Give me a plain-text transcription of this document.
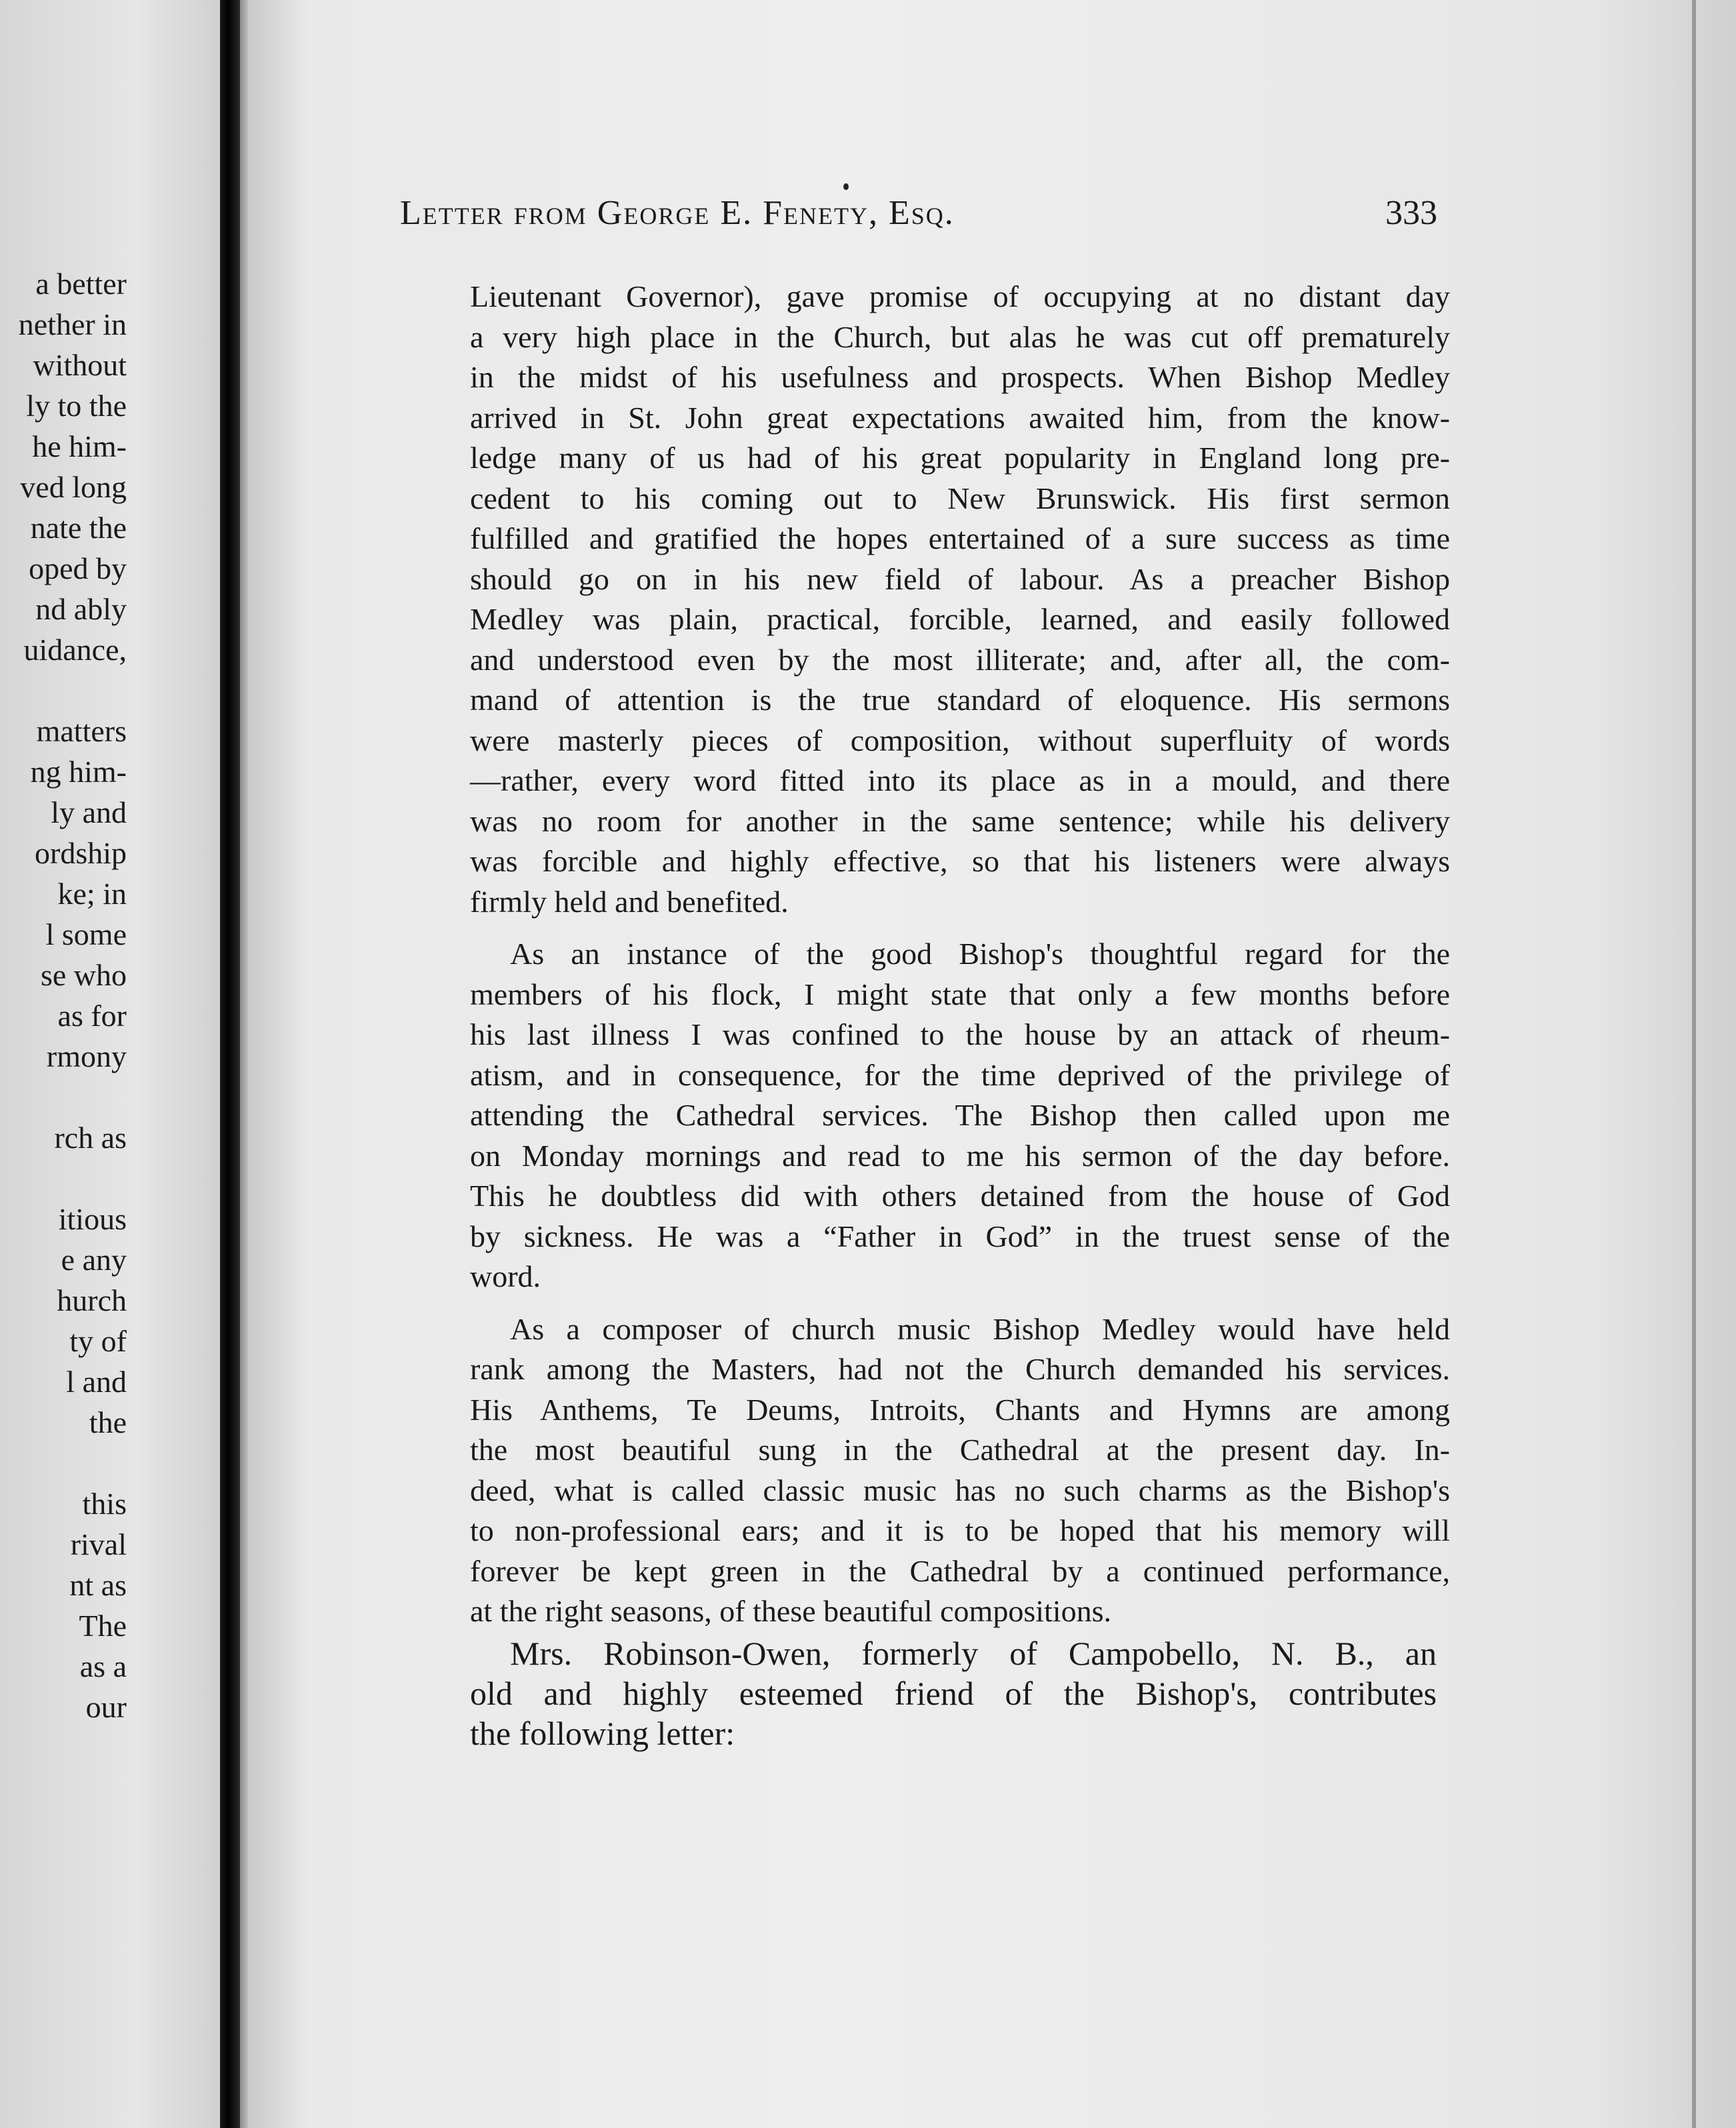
a better
nether in
without
ly to the
he him-
ved long
nate the
oped by
nd ably
uidance,
matters
ng him-
ly and
ordship
ke; in
l some
se who
as for
rmony
rch as
itious
e any
hurch
ty of
l and
the
this
rival
nt as
The
as a
our
Letter from George E. Fenety, Esq.	333
Lieutenant Governor), gave promise of occupying at no distant day
a very high place in the Church, but alas he was cut off prematurely
in the midst of his usefulness and prospects. When Bishop Medley
arrived in St. John great expectations awaited him, from the know-
ledge many of us had of his great popularity in England long pre-
cedent to his coming out to New Brunswick. His first sermon
fulfilled and gratified the hopes entertained of a sure success as time
should go on in his new field of labour. As a preacher Bishop
Medley was plain, practical, forcible, learned, and easily followed
and understood even by the most illiterate; and, after all, the com-
mand of attention is the true standard of eloquence. His sermons
were masterly pieces of composition, without superfluity of words
—rather, every word fitted into its place as in a mould, and there
was no room for another in the same sentence; while his delivery
was forcible and highly effective, so that his listeners were always
firmly held and benefited.
As an instance of the good Bishop's thoughtful regard for the
members of his flock, I might state that only a few months before
his last illness I was confined to the house by an attack of rheum-
atism, and in consequence, for the time deprived of the privilege of
attending the Cathedral services. The Bishop then called upon me
on Monday mornings and read to me his sermon of the day before.
This he doubtless did with others detained from the house of God
by sickness. He was a “Father in God” in the truest sense of the
word.
As a composer of church music Bishop Medley would have held
rank among the Masters, had not the Church demanded his services.
His Anthems, Te Deums, Introits, Chants and Hymns are among
the most beautiful sung in the Cathedral at the present day. In-
deed, what is called classic music has no such charms as the Bishop's
to non-professional ears; and it is to be hoped that his memory will
forever be kept green in the Cathedral by a continued performance,
at the right seasons, of these beautiful compositions.
Mrs. Robinson-Owen, formerly of Campobello, N. B., an
old and highly esteemed friend of the Bishop's, contributes
the following letter:
